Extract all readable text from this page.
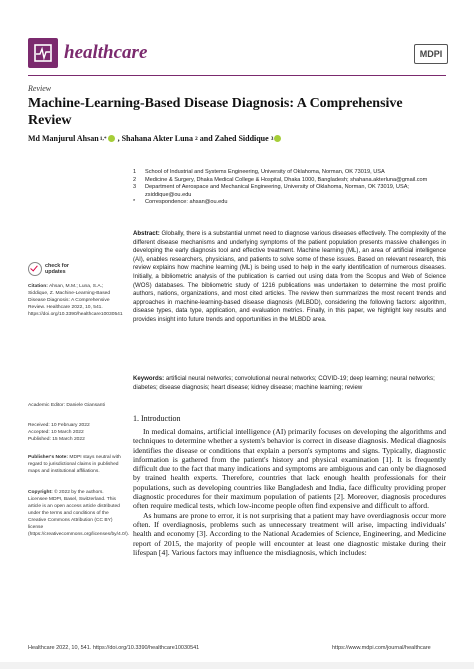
healthcare	MDPI
Review
Machine-Learning-Based Disease Diagnosis: A Comprehensive Review
Md Manjurul Ahsan 1,* , Shahana Akter Luna 2 and Zahed Siddique 3
1	School of Industrial and Systems Engineering, University of Oklahoma, Norman, OK 73019, USA
2	Medicine & Surgery, Dhaka Medical College & Hospital, Dhaka 1000, Bangladesh; shahana.akterluna@gmail.com
3	Department of Aerospace and Mechanical Engineering, University of Oklahoma, Norman, OK 73019, USA; zsiddique@ou.edu
*	Correspondence: ahsan@ou.edu
Abstract: Globally, there is a substantial unmet need to diagnose various diseases effectively. The complexity of the different disease mechanisms and underlying symptoms of the patient population presents massive challenges in developing the early diagnosis tool and effective treatment. Machine learning (ML), an area of artificial intelligence (AI), enables researchers, physicians, and patients to solve some of these issues. Based on relevant research, this review explains how machine learning (ML) is being used to help in the early identification of numerous diseases. Initially, a bibliometric analysis of the publication is carried out using data from the Scopus and Web of Science (WOS) databases. The bibliometric study of 1216 publications was undertaken to determine the most prolific authors, nations, organizations, and most cited articles. The review then summarizes the most recent trends and approaches in machine-learning-based disease diagnosis (MLBDD), considering the following factors: algorithm, disease types, data type, application, and evaluation metrics. Finally, in this paper, we highlight key results and provides insight into future trends and opportunities in the MLBDD area.
Keywords: artificial neural networks; convolutional neural networks; COVID-19; deep learning; neural networks; diabetes; disease diagnosis; heart disease; kidney disease; machine learning; review
check for
updates
Citation: Ahsan, M.M.; Luna, S.A.; Siddique, Z. Machine-Learning-Based Disease Diagnosis: A Comprehensive Review. Healthcare 2022, 10, 541. https://doi.org/10.3390/healthcare10030541
Academic Editor: Daniele Giansanti
Received: 10 February 2022
Accepted: 10 March 2022
Published: 15 March 2022
Publisher's Note: MDPI stays neutral with regard to jurisdictional claims in published maps and institutional affiliations.
Copyright: © 2022 by the authors. Licensee MDPI, Basel, Switzerland. This article is an open access article distributed under the terms and conditions of the Creative Commons Attribution (CC BY) license (https://creativecommons.org/licenses/by/4.0/).
1. Introduction

In medical domains, artificial intelligence (AI) primarily focuses on developing the algorithms and techniques to determine whether a system's behavior is correct in disease diagnosis. Medical diagnosis identifies the disease or conditions that explain a person's symptoms and signs. Typically, diagnostic information is gathered from the patient's history and physical examination [1]. It is frequently difficult due to the fact that many indications and symptoms are ambiguous and can only be diagnosed by trained health experts. Therefore, countries that lack enough health professionals for their populations, such as developing countries like Bangladesh and India, face difficulty providing proper diagnostic procedures for their maximum population of patients [2]. Moreover, diagnosis procedures often require medical tests, which low-income people often find expensive and difficult to afford.

As humans are prone to error, it is not surprising that a patient may have overdiagnosis occur more often. If overdiagnosis, problems such as unnecessary treatment will arise, impacting individuals' health and economy [3]. According to the National Academies of Science, Engineering, and Medicine report of 2015, the majority of people will encounter at least one diagnostic mistake during their lifespan [4]. Various factors may influence the misdiagnosis, which includes:

Healthcare 2022, 10, 541. https://doi.org/10.3390/healthcare10030541	https://www.mdpi.com/journal/healthcare
